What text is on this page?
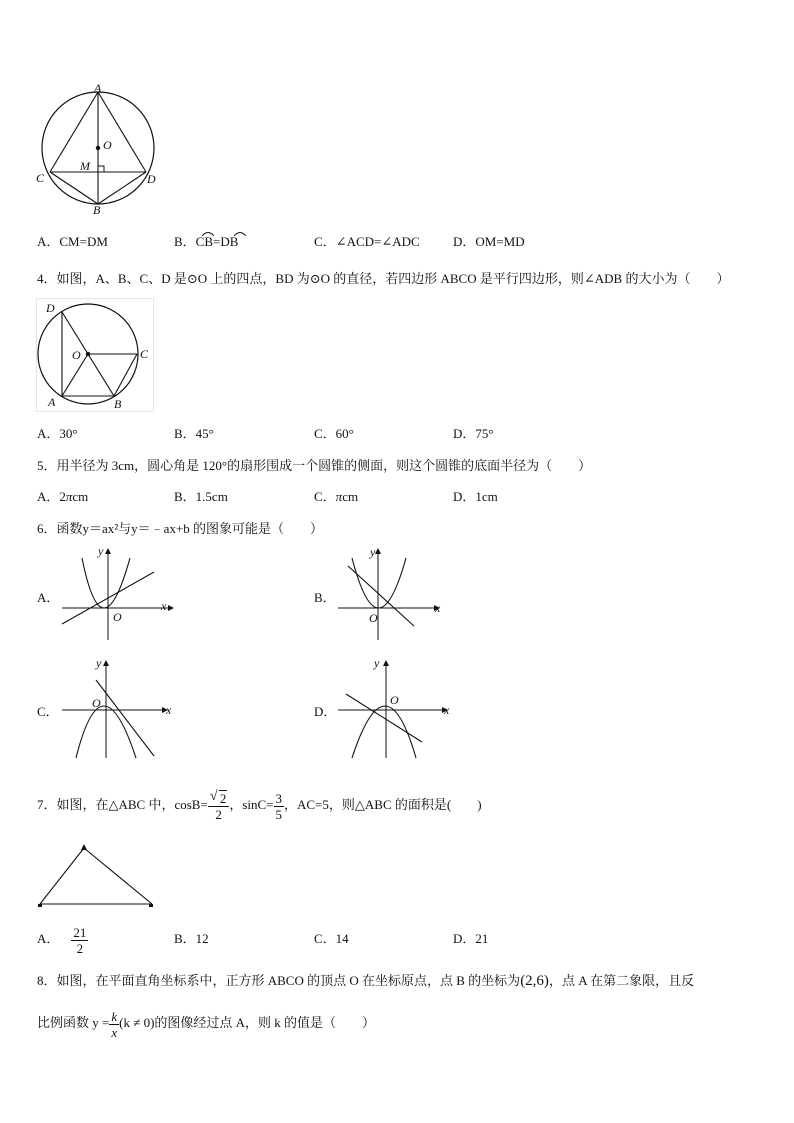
A
O
M
C	D
B
A．CM=DM	B．CB=DB	C．∠ACD=∠ADC	D．OM=MD
4．如图，A、B、C、D 是⊙O 上的四点，BD 为⊙O 的直径，若四边形 ABCO 是平行四边形，则∠ADB 的大小为（　　）
D
O	C
A	B
A．30°	B．45°	C．60°	D．75°
5．用半径为 3cm，圆心角是 120°的扇形围成一个圆锥的侧面，则这个圆锥的底面半径为（　　）
A．2πcm	B．1.5cm	C．πcm	D．1cm
6．函数y＝ax²与y＝﹣ax+b 的图象可能是（　　）
A．	B．
C．	D．
x
y
O
x
y
O
x
y
O	x
y
O
7．如图，在△ABC 中，$\cos B= \frac{√ 2}{2}$ ，$\sin C= \frac{3}{5}$ ，AC=5，则△ABC 的面积是(　　)
A． $\frac{21}{2}$	B．12	C．14	D．21
8．如图，在平面直角坐标系中，正方形 ABCO 的顶点 O 在坐标原点，点 B 的坐标为(2,6)，点 A 在第二象限，且反
比例函数 $y = \frac{k}{x} (k \ne 0)$的图像经过点 A，则 k 的值是（　　）
